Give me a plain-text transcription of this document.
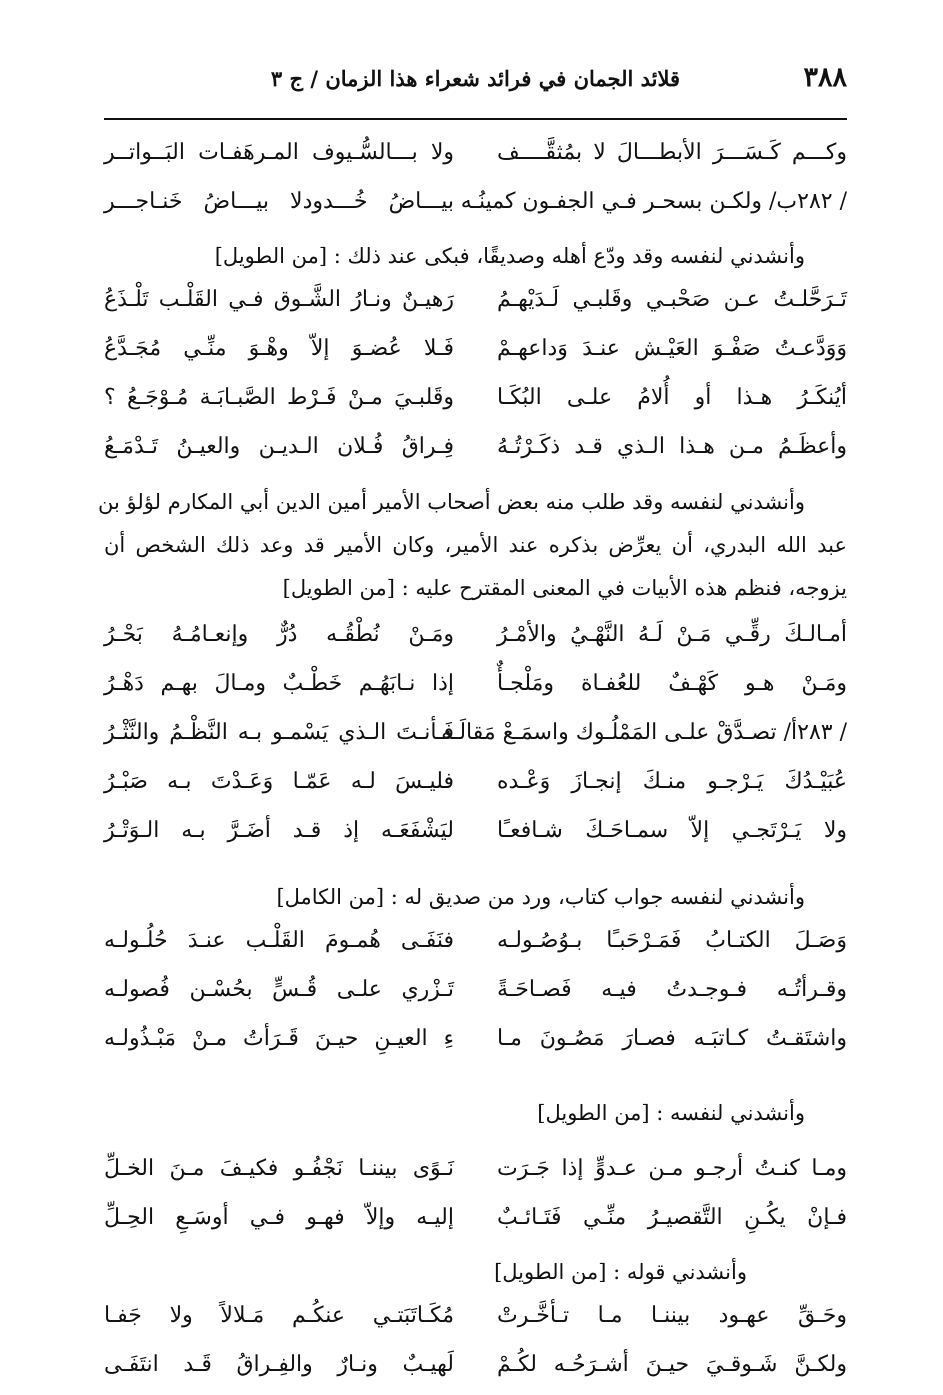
٣٨٨
قلائد الجمان في فرائد شعراء هذا الزمان / ج ٣
وكـــم كَـسَـــرَ الأبطـــالَ لا بمُثقَّــــف
ولا بـــالسُّـيوف المـرهَفـات البَــواتــر
/ ٢٨٢ب/ ولكـن بسحـر فـي الجفـون كمينُـه
بيـــاضُ خُـــدودلا بيـــاضُ خَنـاجـــر
وأنشدني لنفسه وقد ودّع أهله وصديقًا، فبكى عند ذلك : [من الطويل]
تَـرَحَّلـتُ عـن صَحْبـي وقَلبـي لَـدَيْهـمُ
رَهيـنٌ ونـارُ الشَّـوق فـي القَلْـب تَلْـذَعُ
وَوَدَّعـتُ صَفْـوَ العَيْـش عنـدَ وَداعهـمْ
فَـلا عُضـوَ إلاّ وهْـوَ منِّـي مُجَـدَّعُ
أيُنكَـرُ هـذا أو أُلامُ علـى البُكَـا
وقَلبـيَ مـنْ فَـرْط الصَّبـابَـة مُـوْجَـعُ ؟
وأعظَـمُ مـن هـذا الـذي قـد ذكَـرْتُـهُ
فِـراقُ فُـلان الـديـن والعيـنُ تَـدْمَـعُ
وأنشدني لنفسه وقد طلب منه بعض أصحاب الأمير أمين الدين أبي المكارم لؤلؤ بن
عبد الله البدري، أن يعرِّض بذكره عند الأمير، وكان الأمير قد وعد ذلك الشخص أن
يزوجه، فنظم هذه الأبيات في المعنى المقترح عليه : [من الطويل]
أمـالـكَ رقِّـي مَـنْ لَـهُ النَّهْـيُ والأمْـرُ
ومَـنْ نُطْقُـه دُرٌّ وإنعـامُـهُ بَحْـرُ
ومَـنْ هـو كَهْـفٌ للعُفـاة ومَلْجـأٌ
إذا نـابَهُـم خَطْـبٌ ومـالَ بهـم دَهْـرُ
/ ٢٨٣أ/ تصـدَّقْ علـى المَمْلُـوك واسمَـعْ مَقالَـه
فَـأنـتَ الـذي يَسْمـو بـه النَّظْـمُ والنَّثْـرُ
عُبَيْـدُكَ يَـرْجـو منـكَ إنجـازَ وَعْـده
فليـسَ لـه عَمّـا وَعَـدْتَ بـه صَبْـرُ
ولا يَـرْتَجـي إلاّ سمـاحَـكَ شـافعـًا
ليَشْفَعَـه إذ قـد أضَـرَّ بـه الـوَتْـرُ
وأنشدني لنفسه جواب كتاب، ورد من صديق له : [من الكامل]
وَصَـلَ الكتـابُ فَمَـرْحَبـًا بـوُصُـولـه
فنَفَـى هُمـومَ القَلْـب عنـدَ حُلُـولـه
وقـرأتُـه فـوجـدتُ فيـه فَصـاحَـةً
تَـزْري علـى قُـسٍّ بحُسْـن فُصولـه
واشتَقـتُ كـاتبَـه فصـارَ مَصُـونَ مـا
ءِ العيـنِ حيـنَ قَـرَأتُ مـنْ مَبْـذُولـه
وأنشدني لنفسه : [من الطويل]
ومـا كنـتُ أرجـو مـن عـدوٍّ إذا جَـرَت
نَـوًى بيننـا نَجْفُـو فكيـفَ مـنَ الخـلِّ
فـإنْ يكُـنِ التَّقصيـرُ منِّـي فَتَـائـبٌ
إليـه وإلاّ فهـو فـي أوسَـعِ الحِـلِّ
وأنشدني قوله : [من الطويل]
وحَـقِّ عهـود بيننـا مـا تـأخَّـرتْ
مُكَـاتَبَتـي عنكُـم مَـلالاً ولا جَفـا
ولكـنَّ شَـوقـيَ حيـنَ أشـرَحُـه لكُـمْ
لَهيـبٌ ونـارٌ والفِـراقُ قَـد انتَفَـى
